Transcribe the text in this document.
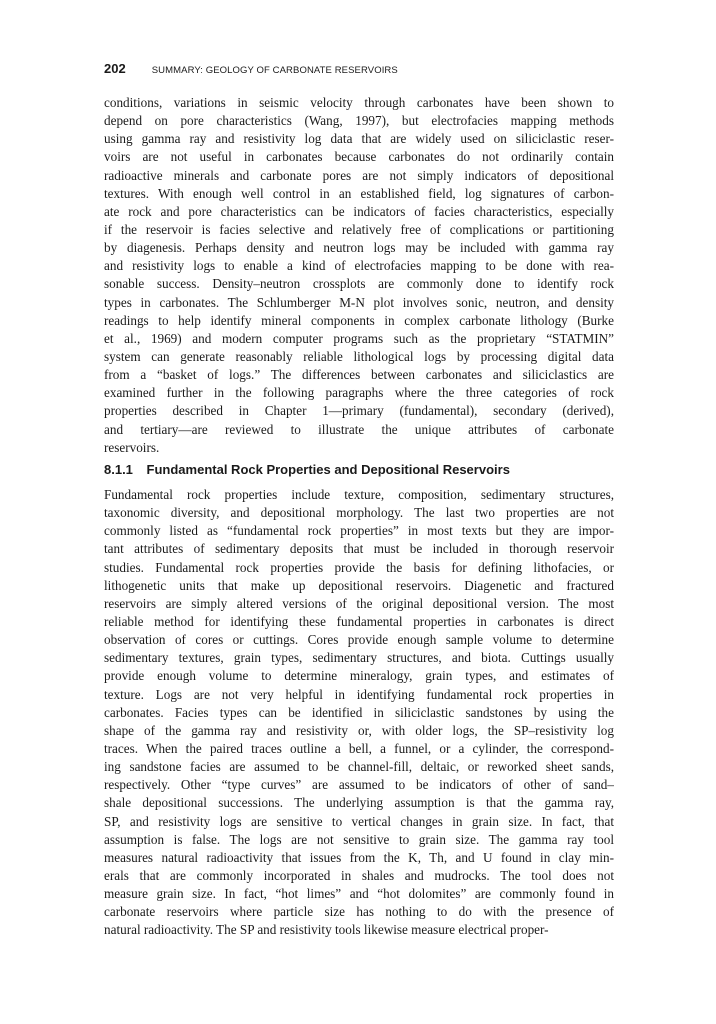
202	SUMMARY: GEOLOGY OF CARBONATE RESERVOIRS
conditions, variations in seismic velocity through carbonates have been shown to
depend on pore characteristics (Wang, 1997), but electrofacies mapping methods
using gamma ray and resistivity log data that are widely used on siliciclastic reser-
voirs are not useful in carbonates because carbonates do not ordinarily contain
radioactive minerals and carbonate pores are not simply indicators of depositional
textures. With enough well control in an established field, log signatures of carbon-
ate rock and pore characteristics can be indicators of facies characteristics, especially
if the reservoir is facies selective and relatively free of complications or partitioning
by diagenesis. Perhaps density and neutron logs may be included with gamma ray
and resistivity logs to enable a kind of electrofacies mapping to be done with rea-
sonable success. Density–neutron crossplots are commonly done to identify rock
types in carbonates. The Schlumberger M-N plot involves sonic, neutron, and density
readings to help identify mineral components in complex carbonate lithology (Burke
et al., 1969) and modern computer programs such as the proprietary “STATMIN”
system can generate reasonably reliable lithological logs by processing digital data
from a “basket of logs.” The differences between carbonates and siliciclastics are
examined further in the following paragraphs where the three categories of rock
properties described in Chapter 1—primary (fundamental), secondary (derived),
and tertiary—are reviewed to illustrate the unique attributes of carbonate
reservoirs.
8.1.1 Fundamental Rock Properties and Depositional Reservoirs
Fundamental rock properties include texture, composition, sedimentary structures,
taxonomic diversity, and depositional morphology. The last two properties are not
commonly listed as “fundamental rock properties” in most texts but they are impor-
tant attributes of sedimentary deposits that must be included in thorough reservoir
studies. Fundamental rock properties provide the basis for defining lithofacies, or
lithogenetic units that make up depositional reservoirs. Diagenetic and fractured
reservoirs are simply altered versions of the original depositional version. The most
reliable method for identifying these fundamental properties in carbonates is direct
observation of cores or cuttings. Cores provide enough sample volume to determine
sedimentary textures, grain types, sedimentary structures, and biota. Cuttings usually
provide enough volume to determine mineralogy, grain types, and estimates of
texture. Logs are not very helpful in identifying fundamental rock properties in
carbonates. Facies types can be identified in siliciclastic sandstones by using the
shape of the gamma ray and resistivity or, with older logs, the SP–resistivity log
traces. When the paired traces outline a bell, a funnel, or a cylinder, the correspond-
ing sandstone facies are assumed to be channel-fill, deltaic, or reworked sheet sands,
respectively. Other “type curves” are assumed to be indicators of other of sand–
shale depositional successions. The underlying assumption is that the gamma ray,
SP, and resistivity logs are sensitive to vertical changes in grain size. In fact, that
assumption is false. The logs are not sensitive to grain size. The gamma ray tool
measures natural radioactivity that issues from the K, Th, and U found in clay min-
erals that are commonly incorporated in shales and mudrocks. The tool does not
measure grain size. In fact, “hot limes” and “hot dolomites” are commonly found in
carbonate reservoirs where particle size has nothing to do with the presence of
natural radioactivity. The SP and resistivity tools likewise measure electrical proper-
